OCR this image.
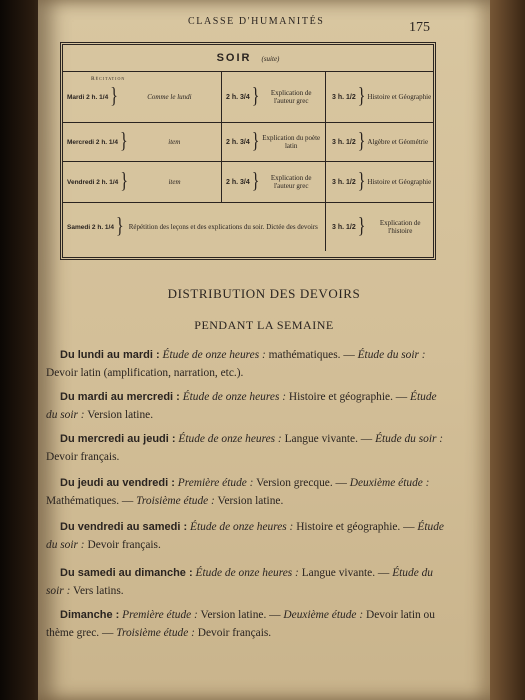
CLASSE D'HUMANITÉS	175
SOIR (suite)
Récitation
Mardi 2 h. 1/4 }	Comme le lundi	2 h. 3/4 }	Explication de l'auteur grec	3 h. 1/2 } Histoire et Géographie
Mercredi 2 h. 1/4 }	item	2 h. 3/4 } Explication du poète latin	3 h. 1/2 } Algèbre et Géométrie
Vendredi 2 h. 1/4 }	item	2 h. 3/4 }	Explication de l'auteur grec	3 h. 1/2 } Histoire et Géographie
Samedi 2 h. 1/4 } Répétition des leçons et des explications du soir. Dictée des devoirs	3 h. 1/2 }	Explication de l'histoire
DISTRIBUTION DES DEVOIRS
PENDANT LA SEMAINE

Du lundi au mardi : Étude de onze heures : mathématiques. — Étude du soir : Devoir latin (amplification, narration, etc.).

Du mardi au mercredi : Étude de onze heures : Histoire et géographie. — Étude du soir : Version latine.

Du mercredi au jeudi : Étude de onze heures : Langue vivante. — Étude du soir : Devoir français.

Du jeudi au vendredi : Première étude : Version grecque. — Deuxième étude : Mathématiques. — Troisième étude : Version latine.

Du vendredi au samedi : Étude de onze heures : Histoire et géographie. — Étude du soir : Devoir français.

Du samedi au dimanche : Étude de onze heures : Langue vivante. — Étude du soir : Vers latins.

Dimanche : Première étude : Version latine. — Deuxième étude : Devoir latin ou thème grec. — Troisième étude : Devoir français.
